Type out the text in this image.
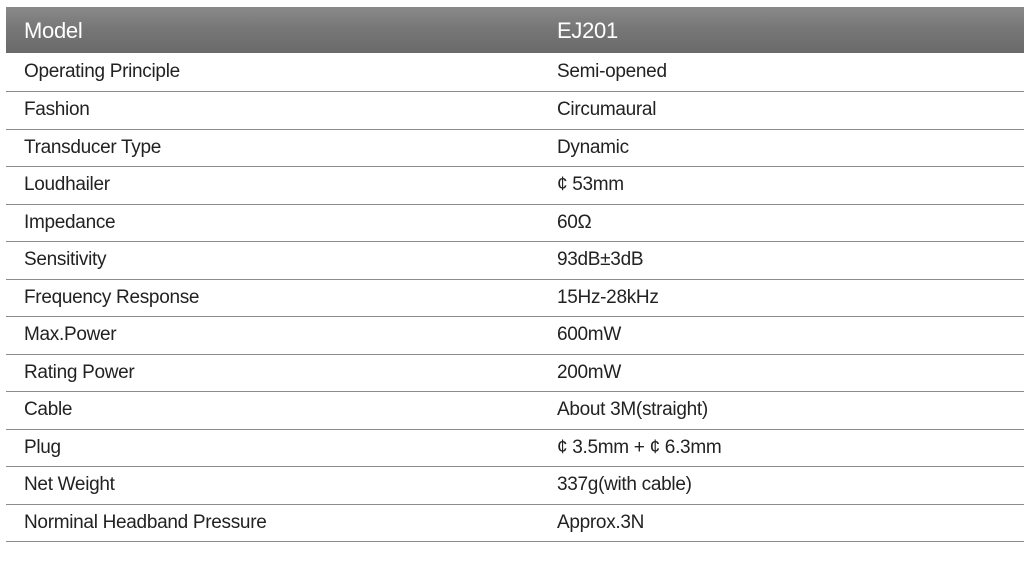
Model	EJ201
Operating Principle	Semi-opened
Fashion	Circumaural
Transducer Type	Dynamic
Loudhailer	¢ 53mm
Impedance	60Ω
Sensitivity	93dB±3dB
Frequency Response	15Hz-28kHz
Max.Power	600mW
Rating Power	200mW
Cable	About 3M(straight)
Plug	¢ 3.5mm + ¢ 6.3mm
Net Weight	337g(with cable)
Norminal Headband Pressure	Approx.3N
